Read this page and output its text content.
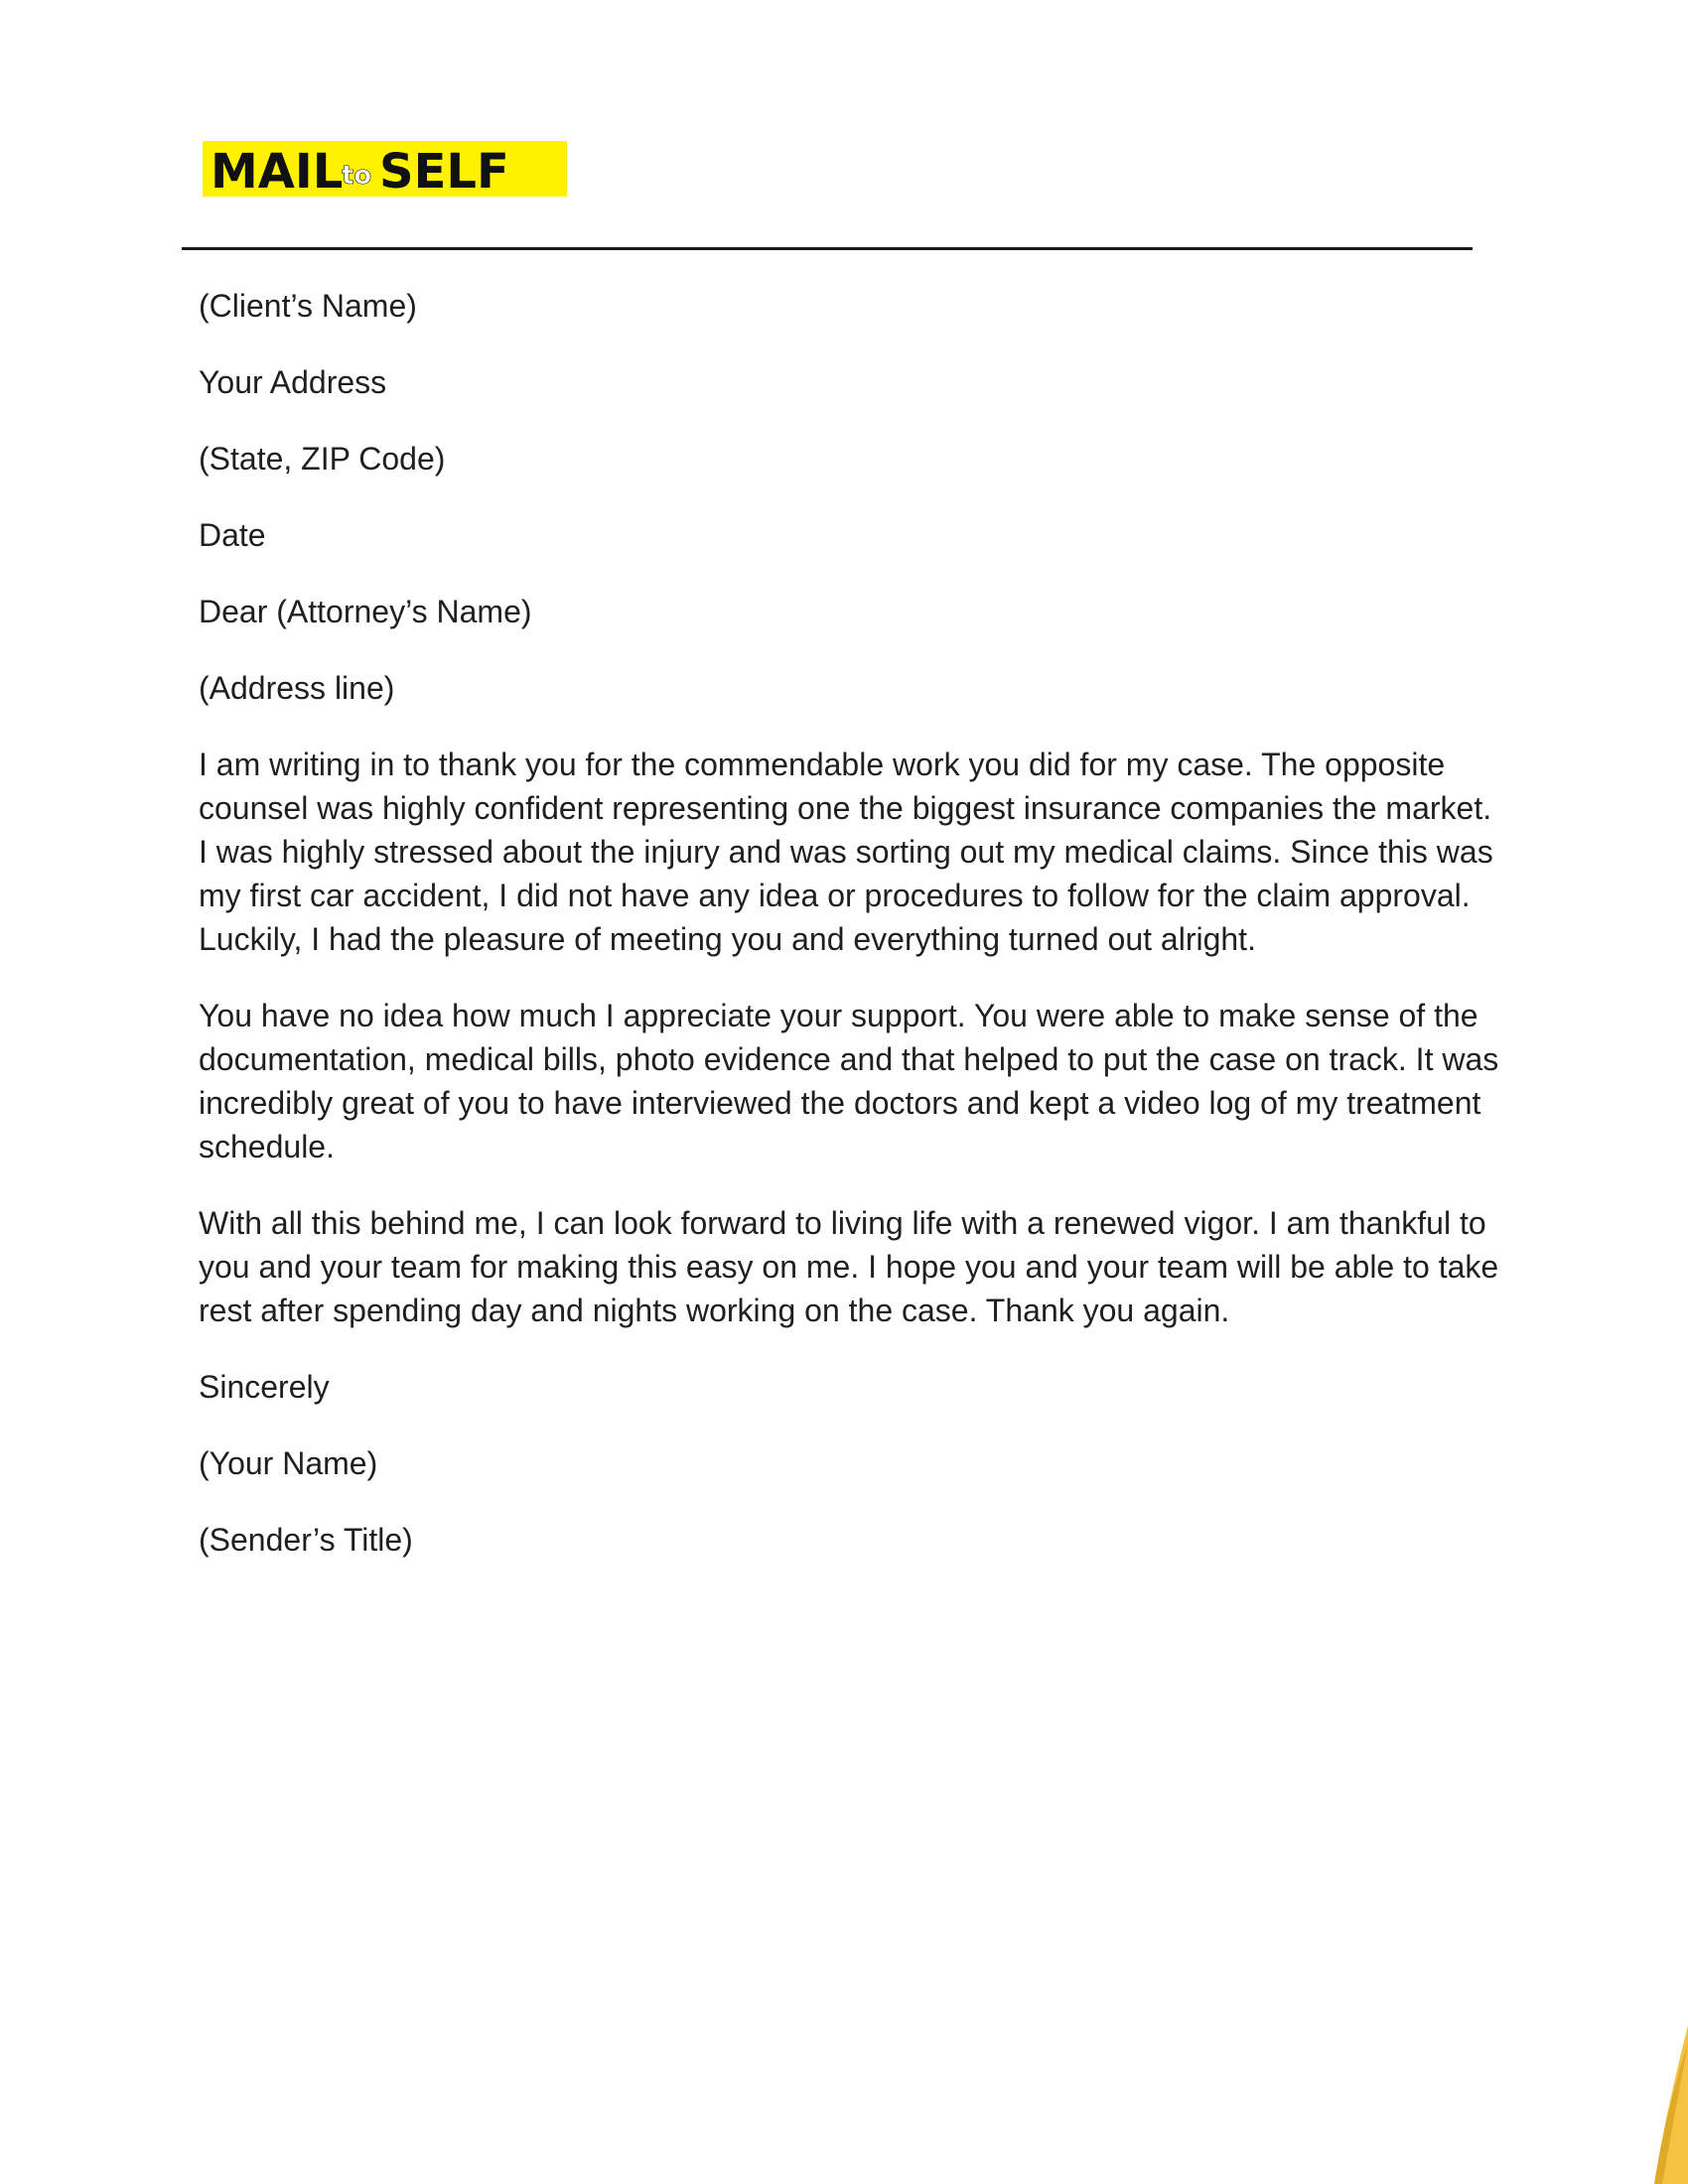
MAIL
to SELF

(Client’s Name)

Your Address

(State, ZIP Code)

Date

Dear (Attorney’s Name)

(Address line)

I am writing in to thank you for the commendable work you did for my case. The opposite counsel was highly confident representing one the biggest insurance companies the market. I was highly stressed about the injury and was sorting out my medical claims. Since this was my first car accident, I did not have any idea or procedures to follow for the claim approval. Luckily, I had the pleasure of meeting you and everything turned out alright.

You have no idea how much I appreciate your support. You were able to make sense of the documentation, medical bills, photo evidence and that helped to put the case on track. It was incredibly great of you to have interviewed the doctors and kept a video log of my treatment schedule.

With all this behind me, I can look forward to living life with a renewed vigor. I am thankful to you and your team for making this easy on me. I hope you and your team will be able to take rest after spending day and nights working on the case. Thank you again.

Sincerely

(Your Name)

(Sender’s Title)
